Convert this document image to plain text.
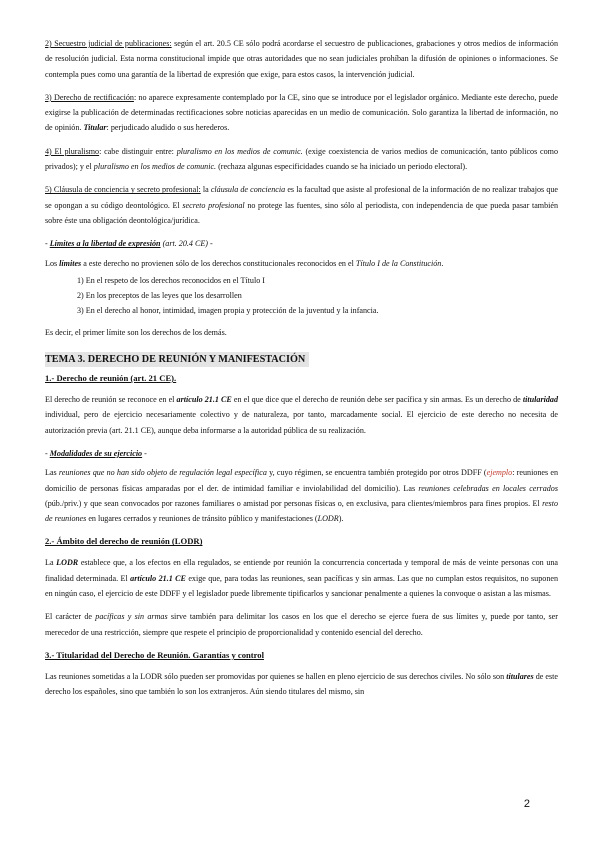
2) Secuestro judicial de publicaciones: según el art. 20.5 CE sólo podrá acordarse el secuestro de publicaciones, grabaciones y otros medios de información de resolución judicial. Esta norma constitucional impide que otras autoridades que no sean judiciales prohíban la difusión de opiniones o informaciones. Se contempla pues como una garantía de la libertad de expresión que exige, para estos casos, la intervención judicial.

3) Derecho de rectificación: no aparece expresamente contemplado por la CE, sino que se introduce por el legislador orgánico. Mediante este derecho, puede exigirse la publicación de determinadas rectificaciones sobre noticias aparecidas en un medio de comunicación. Solo garantiza la libertad de información, no de opinión. Titular: perjudicado aludido o sus herederos.

4) El pluralismo: cabe distinguir entre: pluralismo en los medios de comunic. (exige coexistencia de varios medios de comunicación, tanto públicos como privados); y el pluralismo en los medios de comunic. (rechaza algunas especificidades cuando se ha iniciado un periodo electoral).

5) Cláusula de conciencia y secreto profesional: la cláusula de conciencia es la facultad que asiste al profesional de la información de no realizar trabajos que se opongan a su código deontológico. El secreto profesional no protege las fuentes, sino sólo al periodista, con independencia de que pueda pasar también sobre éste una obligación deontológica/jurídica.

- Límites a la libertad de expresión (art. 20.4 CE) -

Los límites a este derecho no provienen sólo de los derechos constitucionales reconocidos en el Título I de la Constitución.

1) En el respeto de los derechos reconocidos en el Título I
2) En los preceptos de las leyes que los desarrollen
3) En el derecho al honor, intimidad, imagen propia y protección de la juventud y la infancia.

Es decir, el primer límite son los derechos de los demás.

TEMA 3. DERECHO DE REUNIÓN Y MANIFESTACIÓN
1.- Derecho de reunión (art. 21 CE).

El derecho de reunión se reconoce en el artículo 21.1 CE en el que dice que el derecho de reunión debe ser pacífica y sin armas. Es un derecho de titularidad individual, pero de ejercicio necesariamente colectivo y de naturaleza, por tanto, marcadamente social. El ejercicio de este derecho no necesita de autorización previa (art. 21.1 CE), aunque deba informarse a la autoridad pública de su realización.

- Modalidades de su ejercicio -

Las reuniones que no han sido objeto de regulación legal específica y, cuyo régimen, se encuentra también protegido por otros DDFF (ejemplo: reuniones en domicilio de personas físicas amparadas por el der. de intimidad familiar e inviolabilidad del domicilio). Las reuniones celebradas en locales cerrados (púb./priv.) y que sean convocados por razones familiares o amistad por personas físicas o, en exclusiva, para clientes/miembros para fines propios. El resto de reuniones en lugares cerrados y reuniones de tránsito público y manifestaciones (LODR).

2.- Ámbito del derecho de reunión (LODR)

La LODR establece que, a los efectos en ella regulados, se entiende por reunión la concurrencia concertada y temporal de más de veinte personas con una finalidad determinada. El artículo 21.1 CE exige que, para todas las reuniones, sean pacíficas y sin armas. Las que no cumplan estos requisitos, no suponen en ningún caso, el ejercicio de este DDFF y el legislador puede libremente tipificarlos y sancionar penalmente a quienes la convoque o asistan a las mismas.

El carácter de pacíficas y sin armas sirve también para delimitar los casos en los que el derecho se ejerce fuera de sus límites y, puede por tanto, ser merecedor de una restricción, siempre que respete el principio de proporcionalidad y contenido esencial del derecho.

3.- Titularidad del Derecho de Reunión. Garantías y control

Las reuniones sometidas a la LODR sólo pueden ser promovidas por quienes se hallen en pleno ejercicio de sus derechos civiles. No sólo son titulares de este derecho los españoles, sino que también lo son los extranjeros. Aún siendo titulares del mismo, sin

2
